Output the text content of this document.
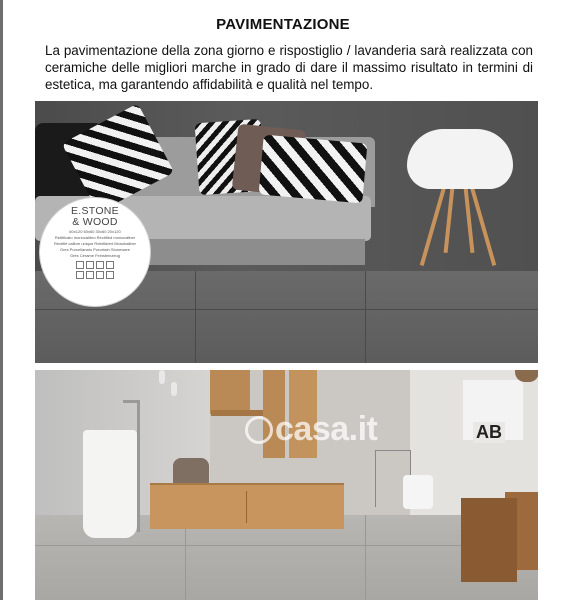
PAVIMENTAZIONE
La pavimentazione della zona giorno e rispostiglio / lavanderia sarà realizzata con ceramiche delle migliori marche in grado di dare il massimo risultato in termini di estetica, ma garantendo affidabilità e qualità nel tempo.
E.STONE
& WOOD
60x120 60x60 30x60 20x120
Rettificato monocalibro Rectified monocaliber
Rectifié calibre unique Rektifiziert Monokaliber
Gres Porcellanato Porcelain Stoneware
Grès Cérame Feinsteinzeug
AB
casa.it
